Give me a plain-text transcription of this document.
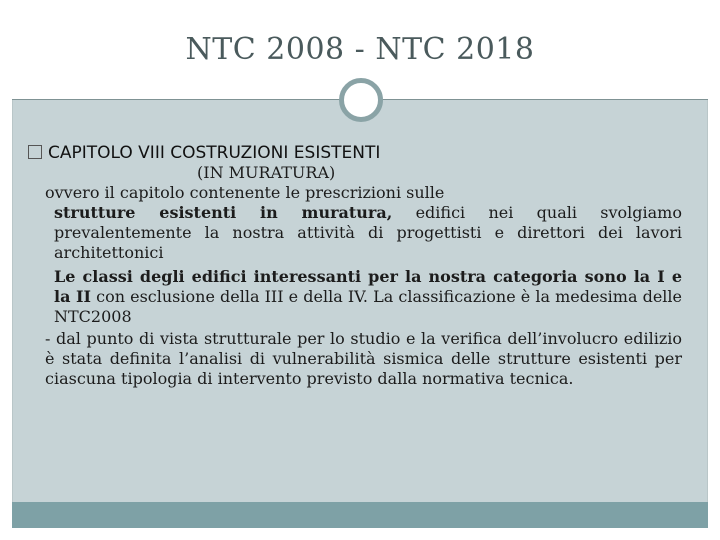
NTC 2008 - NTC 2018

CAPITOLO VIII COSTRUZIONI ESISTENTI

(IN MURATURA)

ovvero il capitolo contenente le prescrizioni sulle

strutture esistenti in muratura, edifici nei quali svolgiamo prevalentemente la nostra attività di progettisti e direttori dei lavori architettonici

Le classi degli edifici interessanti per la nostra categoria sono la I e la II con esclusione della III e della IV. La classificazione è la medesima delle NTC2008

- dal punto di vista strutturale per lo studio e la verifica dell’involucro edilizio è stata definita l’analisi di vulnerabilità sismica delle strutture esistenti per ciascuna tipologia di intervento previsto dalla normativa tecnica.
